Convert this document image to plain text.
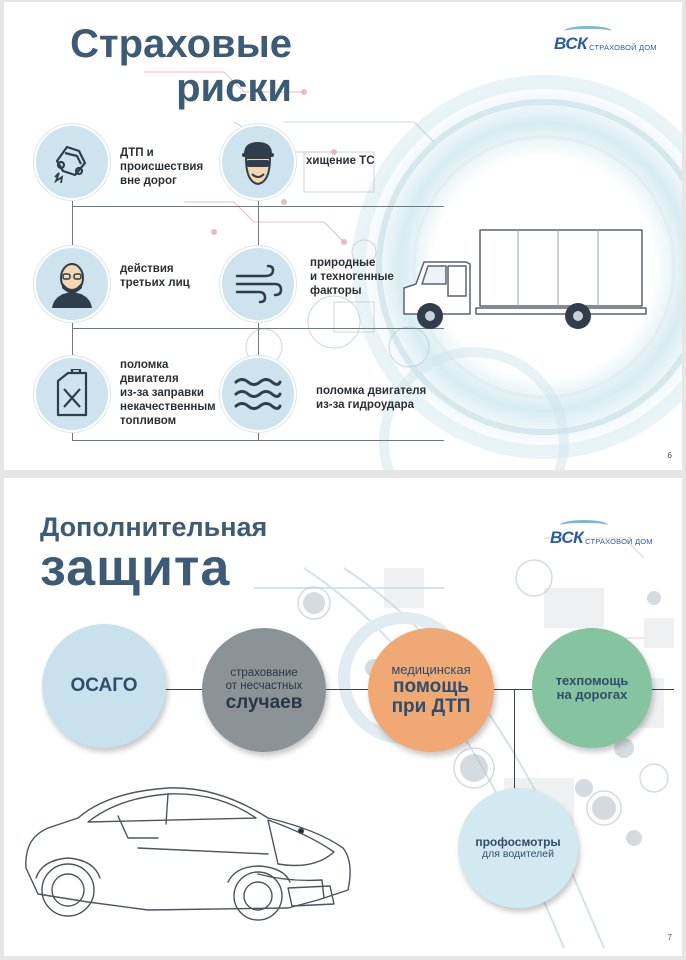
Страховые
риски
ВСК СТРАХОВОЙ ДОМ
ДТП и
происшествия
вне дорог
хищение ТС
действия
третьих лиц
природные
и техногенные
факторы
поломка
двигателя
из-за заправки
некачественным
топливом
поломка двигателя
из-за гидроудара
6
Дополнительная
защита
ВСК СТРАХОВОЙ ДОМ
ОСАГО
страхование
от несчастных
случаев
медицинская
помощь
при ДТП
техпомощь
на дорогах
профосмотры
для водителей
7
